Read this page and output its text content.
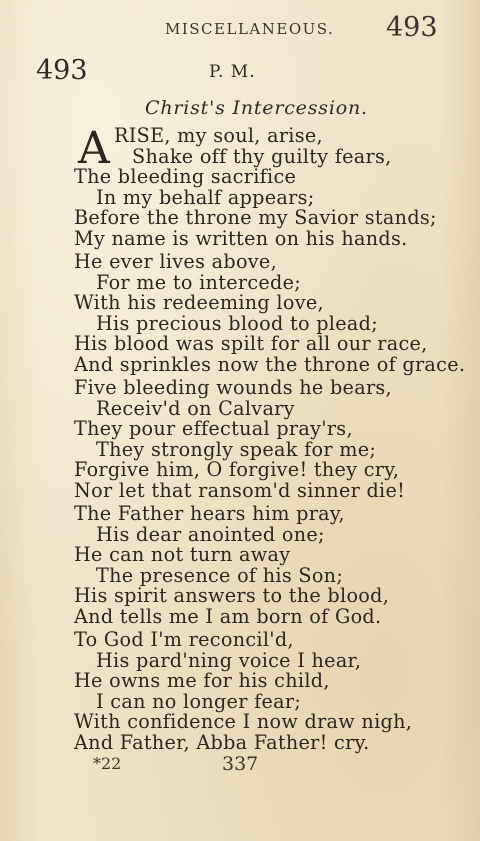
MISCELLANEOUS. 493
493	P. M.
Christ's Intercession.
A RISE, my soul, arise,
Shake off thy guilty fears,
The bleeding sacrifice
In my behalf appears;
Before the throne my Savior stands;
My name is written on his hands.
He ever lives above,
For me to intercede;
With his redeeming love,
His precious blood to plead;
His blood was spilt for all our race,
And sprinkles now the throne of grace.
Five bleeding wounds he bears,
Receiv'd on Calvary
They pour effectual pray'rs,
They strongly speak for me;
Forgive him, O forgive! they cry,
Nor let that ransom'd sinner die!
The Father hears him pray,
His dear anointed one;
He can not turn away
The presence of his Son;
His spirit answers to the blood,
And tells me I am born of God.
To God I'm reconcil'd,
His pard'ning voice I hear,
He owns me for his child,
I can no longer fear;
With confidence I now draw nigh,
And Father, Abba Father! cry.
*22	337
